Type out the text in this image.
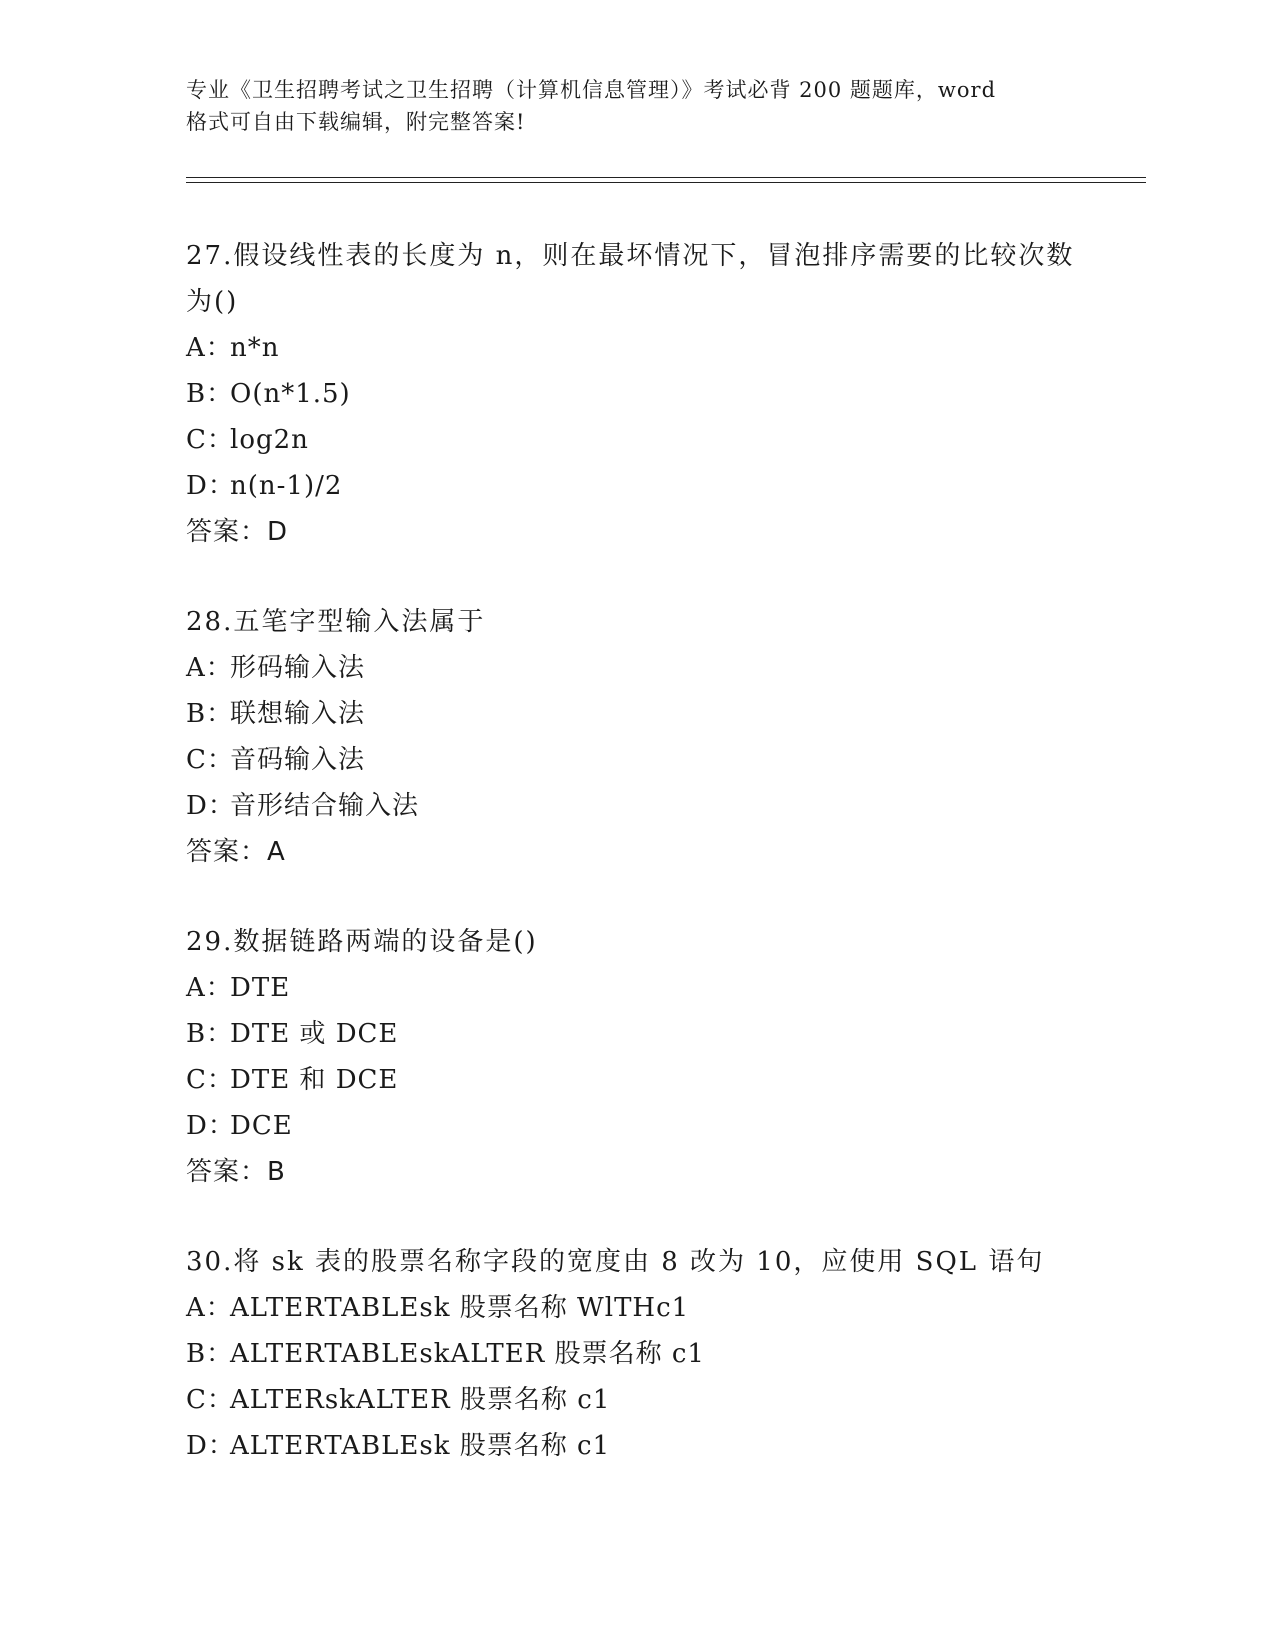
专业《卫生招聘考试之卫生招聘（计算机信息管理）》考试必背 200 题题库，word
格式可自由下载编辑，附完整答案!

27.假设线性表的长度为 n，则在最坏情况下，冒泡排序需要的比较次数为()

A：n*n

B：O(n*1.5)

C：log2n

D：n(n-1)/2

答案：D

28.五笔字型输入法属于

A：形码输入法

B：联想输入法

C：音码输入法

D：音形结合输入法

答案：A

29.数据链路两端的设备是()

A：DTE

B：DTE 或 DCE

C：DTE 和 DCE

D：DCE

答案：B

30.将 sk 表的股票名称字段的宽度由 8 改为 10，应使用 SQL 语句

A：ALTERTABLEsk 股票名称 WlTHc1

B：ALTERTABLEskALTER 股票名称 c1

C：ALTERskALTER 股票名称 c1

D：ALTERTABLEsk 股票名称 c1
